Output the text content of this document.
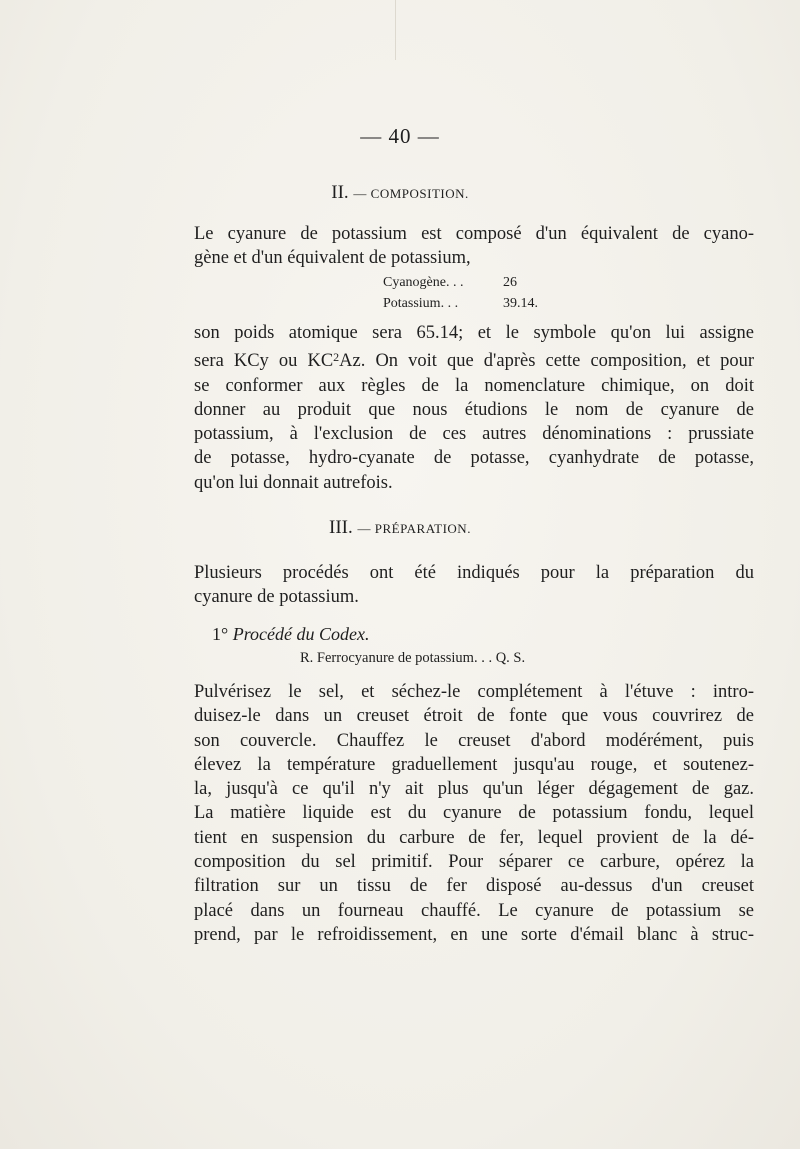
— 40 —
II. — COMPOSITION.
Le cyanure de potassium est composé d'un équivalent de cyano-
gène et d'un équivalent de potassium,
Cyanogène. . .	26
Potassium. . .	39.14.
son poids atomique sera 65.14; et le symbole qu'on lui assigne
sera KCy ou $KC^2Az$. On voit que d'après cette composition, et pour
se conformer aux règles de la nomenclature chimique, on doit
donner au produit que nous étudions le nom de cyanure de
potassium, à l'exclusion de ces autres dénominations : prussiate
de potasse, hydro-cyanate de potasse, cyanhydrate de potasse,
qu'on lui donnait autrefois.
III. — PRÉPARATION.
Plusieurs procédés ont été indiqués pour la préparation du
cyanure de potassium.
1° Procédé du Codex.
R. Ferrocyanure de potassium. . . Q. S.
Pulvérisez le sel, et séchez-le complétement à l'étuve : intro-
duisez-le dans un creuset étroit de fonte que vous couvrirez de
son couvercle. Chauffez le creuset d'abord modérément, puis
élevez la température graduellement jusqu'au rouge, et soutenez-
la, jusqu'à ce qu'il n'y ait plus qu'un léger dégagement de gaz.
La matière liquide est du cyanure de potassium fondu, lequel
tient en suspension du carbure de fer, lequel provient de la dé-
composition du sel primitif. Pour séparer ce carbure, opérez la
filtration sur un tissu de fer disposé au-dessus d'un creuset
placé dans un fourneau chauffé. Le cyanure de potassium se
prend, par le refroidissement, en une sorte d'émail blanc à struc-
